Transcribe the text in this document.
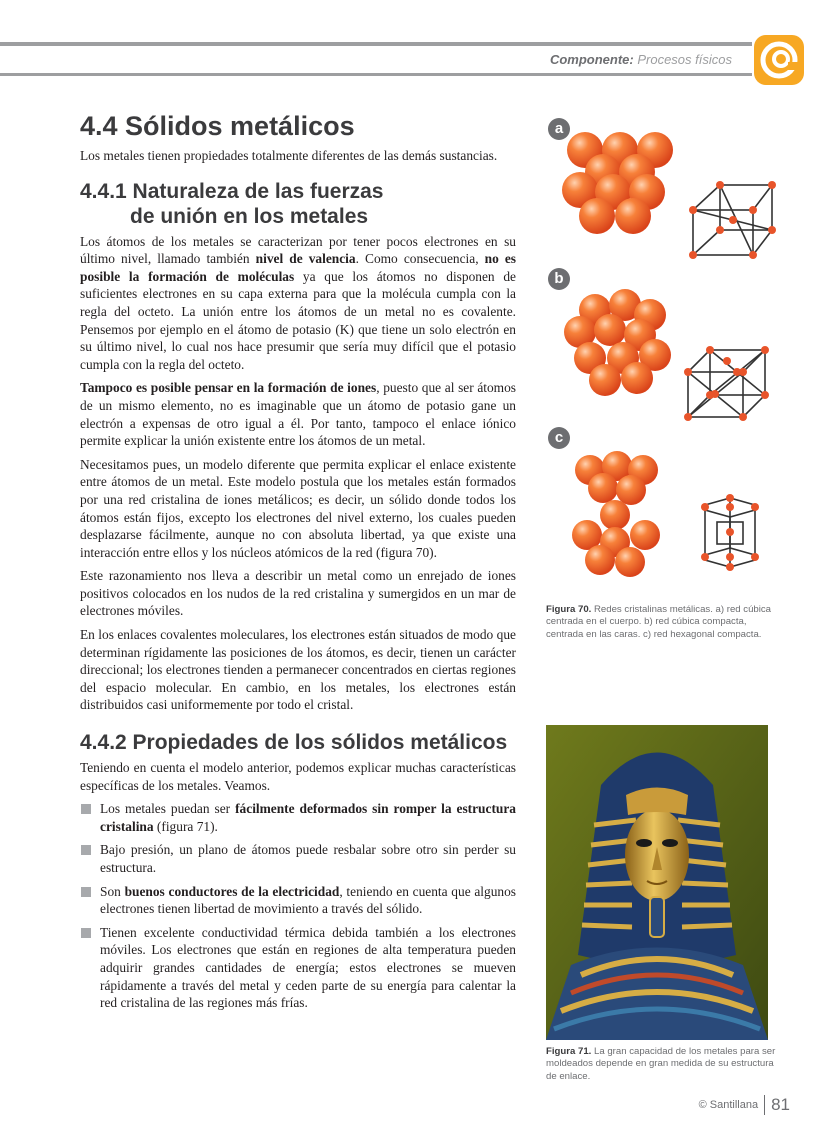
Componente: Procesos físicos
4.4 Sólidos metálicos

Los metales tienen propiedades totalmente diferentes de las demás sustancias.

4.4.1 Naturaleza de las fuerzas
de unión en los metales

Los átomos de los metales se caracterizan por tener pocos electrones en su último nivel, llamado también nivel de valencia. Como consecuencia, no es posible la formación de moléculas ya que los átomos no disponen de suficientes electrones en su capa externa para que la molécula cumpla con la regla del octeto. La unión entre los átomos de un metal no es covalente. Pensemos por ejemplo en el átomo de potasio (K) que tiene un solo electrón en su último nivel, lo cual nos hace presumir que sería muy difícil que el potasio cumpla con la regla del octeto.

Tampoco es posible pensar en la formación de iones, puesto que al ser átomos de un mismo elemento, no es imaginable que un átomo de potasio gane un electrón a expensas de otro igual a él. Por tanto, tampoco el enlace iónico permite explicar la unión existente entre los átomos de un metal.

Necesitamos pues, un modelo diferente que permita explicar el enlace existente entre átomos de un metal. Este modelo postula que los metales están formados por una red cristalina de iones metálicos; es decir, un sólido donde todos los átomos están fijos, excepto los electrones del nivel externo, los cuales pueden desplazarse fácilmente, aunque no con absoluta libertad, ya que existe una interacción entre ellos y los núcleos atómicos de la red (figura 70).

Este razonamiento nos lleva a describir un metal como un enrejado de iones positivos colocados en los nudos de la red cristalina y sumergidos en un mar de electrones móviles.

En los enlaces covalentes moleculares, los electrones están situados de modo que determinan rígidamente las posiciones de los átomos, es decir, tienen un carácter direccional; los electrones tienden a permanecer concentrados en ciertas regiones del espacio molecular. En cambio, en los metales, los electrones están distribuidos casi uniformemente por todo el cristal.

4.4.2 Propiedades de los sólidos metálicos

Teniendo en cuenta el modelo anterior, podemos explicar muchas características específicas de los metales. Veamos.

Los metales puedan ser fácilmente deformados sin romper la estructura cristalina (figura 71).
Bajo presión, un plano de átomos puede resbalar sobre otro sin perder su estructura.
Son buenos conductores de la electricidad, teniendo en cuenta que algunos electrones tienen libertad de movimiento a través del sólido.
Tienen excelente conductividad térmica debida también a los electrones móviles. Los electrones que están en regiones de alta temperatura pueden adquirir grandes cantidades de energía; estos electrones se mueven rápidamente a través del metal y ceden parte de su energía para calentar la red cristalina de las regiones más frías.
a
b
c
Figura 70. Redes cristalinas metálicas. a) red cúbica centrada en el cuerpo. b) red cúbica compacta, centrada en las caras. c) red hexagonal compacta.
Figura 71. La gran capacidad de los metales para ser moldeados depende en gran medida de su estructura de enlace.
© Santillana 81
